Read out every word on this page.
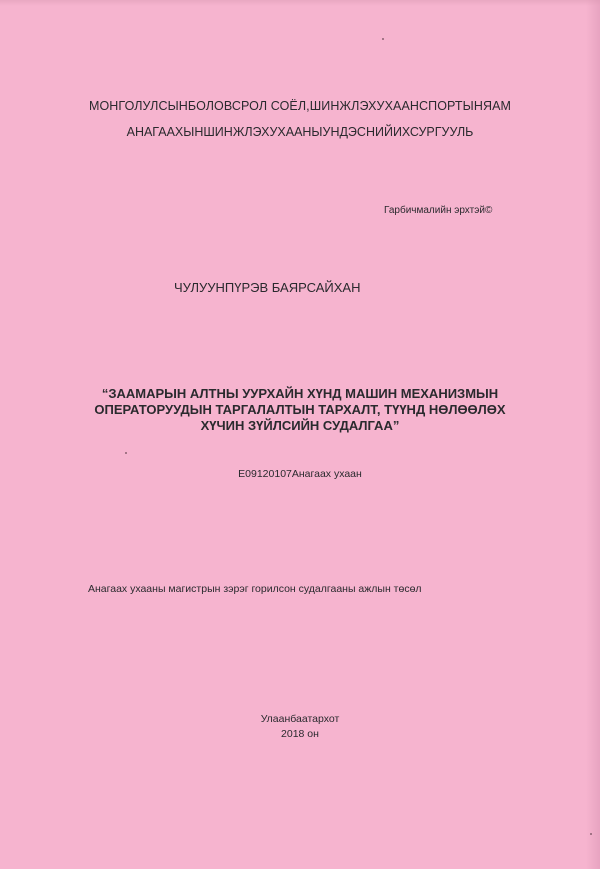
МОНГОЛУЛСЫНБОЛОВСРОЛ СОЁЛ,ШИНЖЛЭХУХААНСПОРТЫНЯАМ
АНАГААХЫНШИНЖЛЭХУХААНЫУНДЭСНИЙИХСУРГУУЛЬ
Гарбичмалийн эрхтэй©
ЧУЛУУНПҮРЭВ БАЯРСАЙХАН
“ЗААМАРЫН АЛТНЫ УУРХАЙН ХҮНД МАШИН МЕХАНИЗМЫН
ОПЕРАТОРУУДЫН ТАРГАЛАЛТЫН ТАРХАЛТ, ТҮҮНД НӨЛӨӨЛӨХ
ХҮЧИН ЗҮЙЛСИЙН СУДАЛГАА”
E09120107Анагаах ухаан
Анагаах ухааны магистрын зэрэг горилсон судалгааны ажлын төсөл
Улаанбаатархот
2018 он
